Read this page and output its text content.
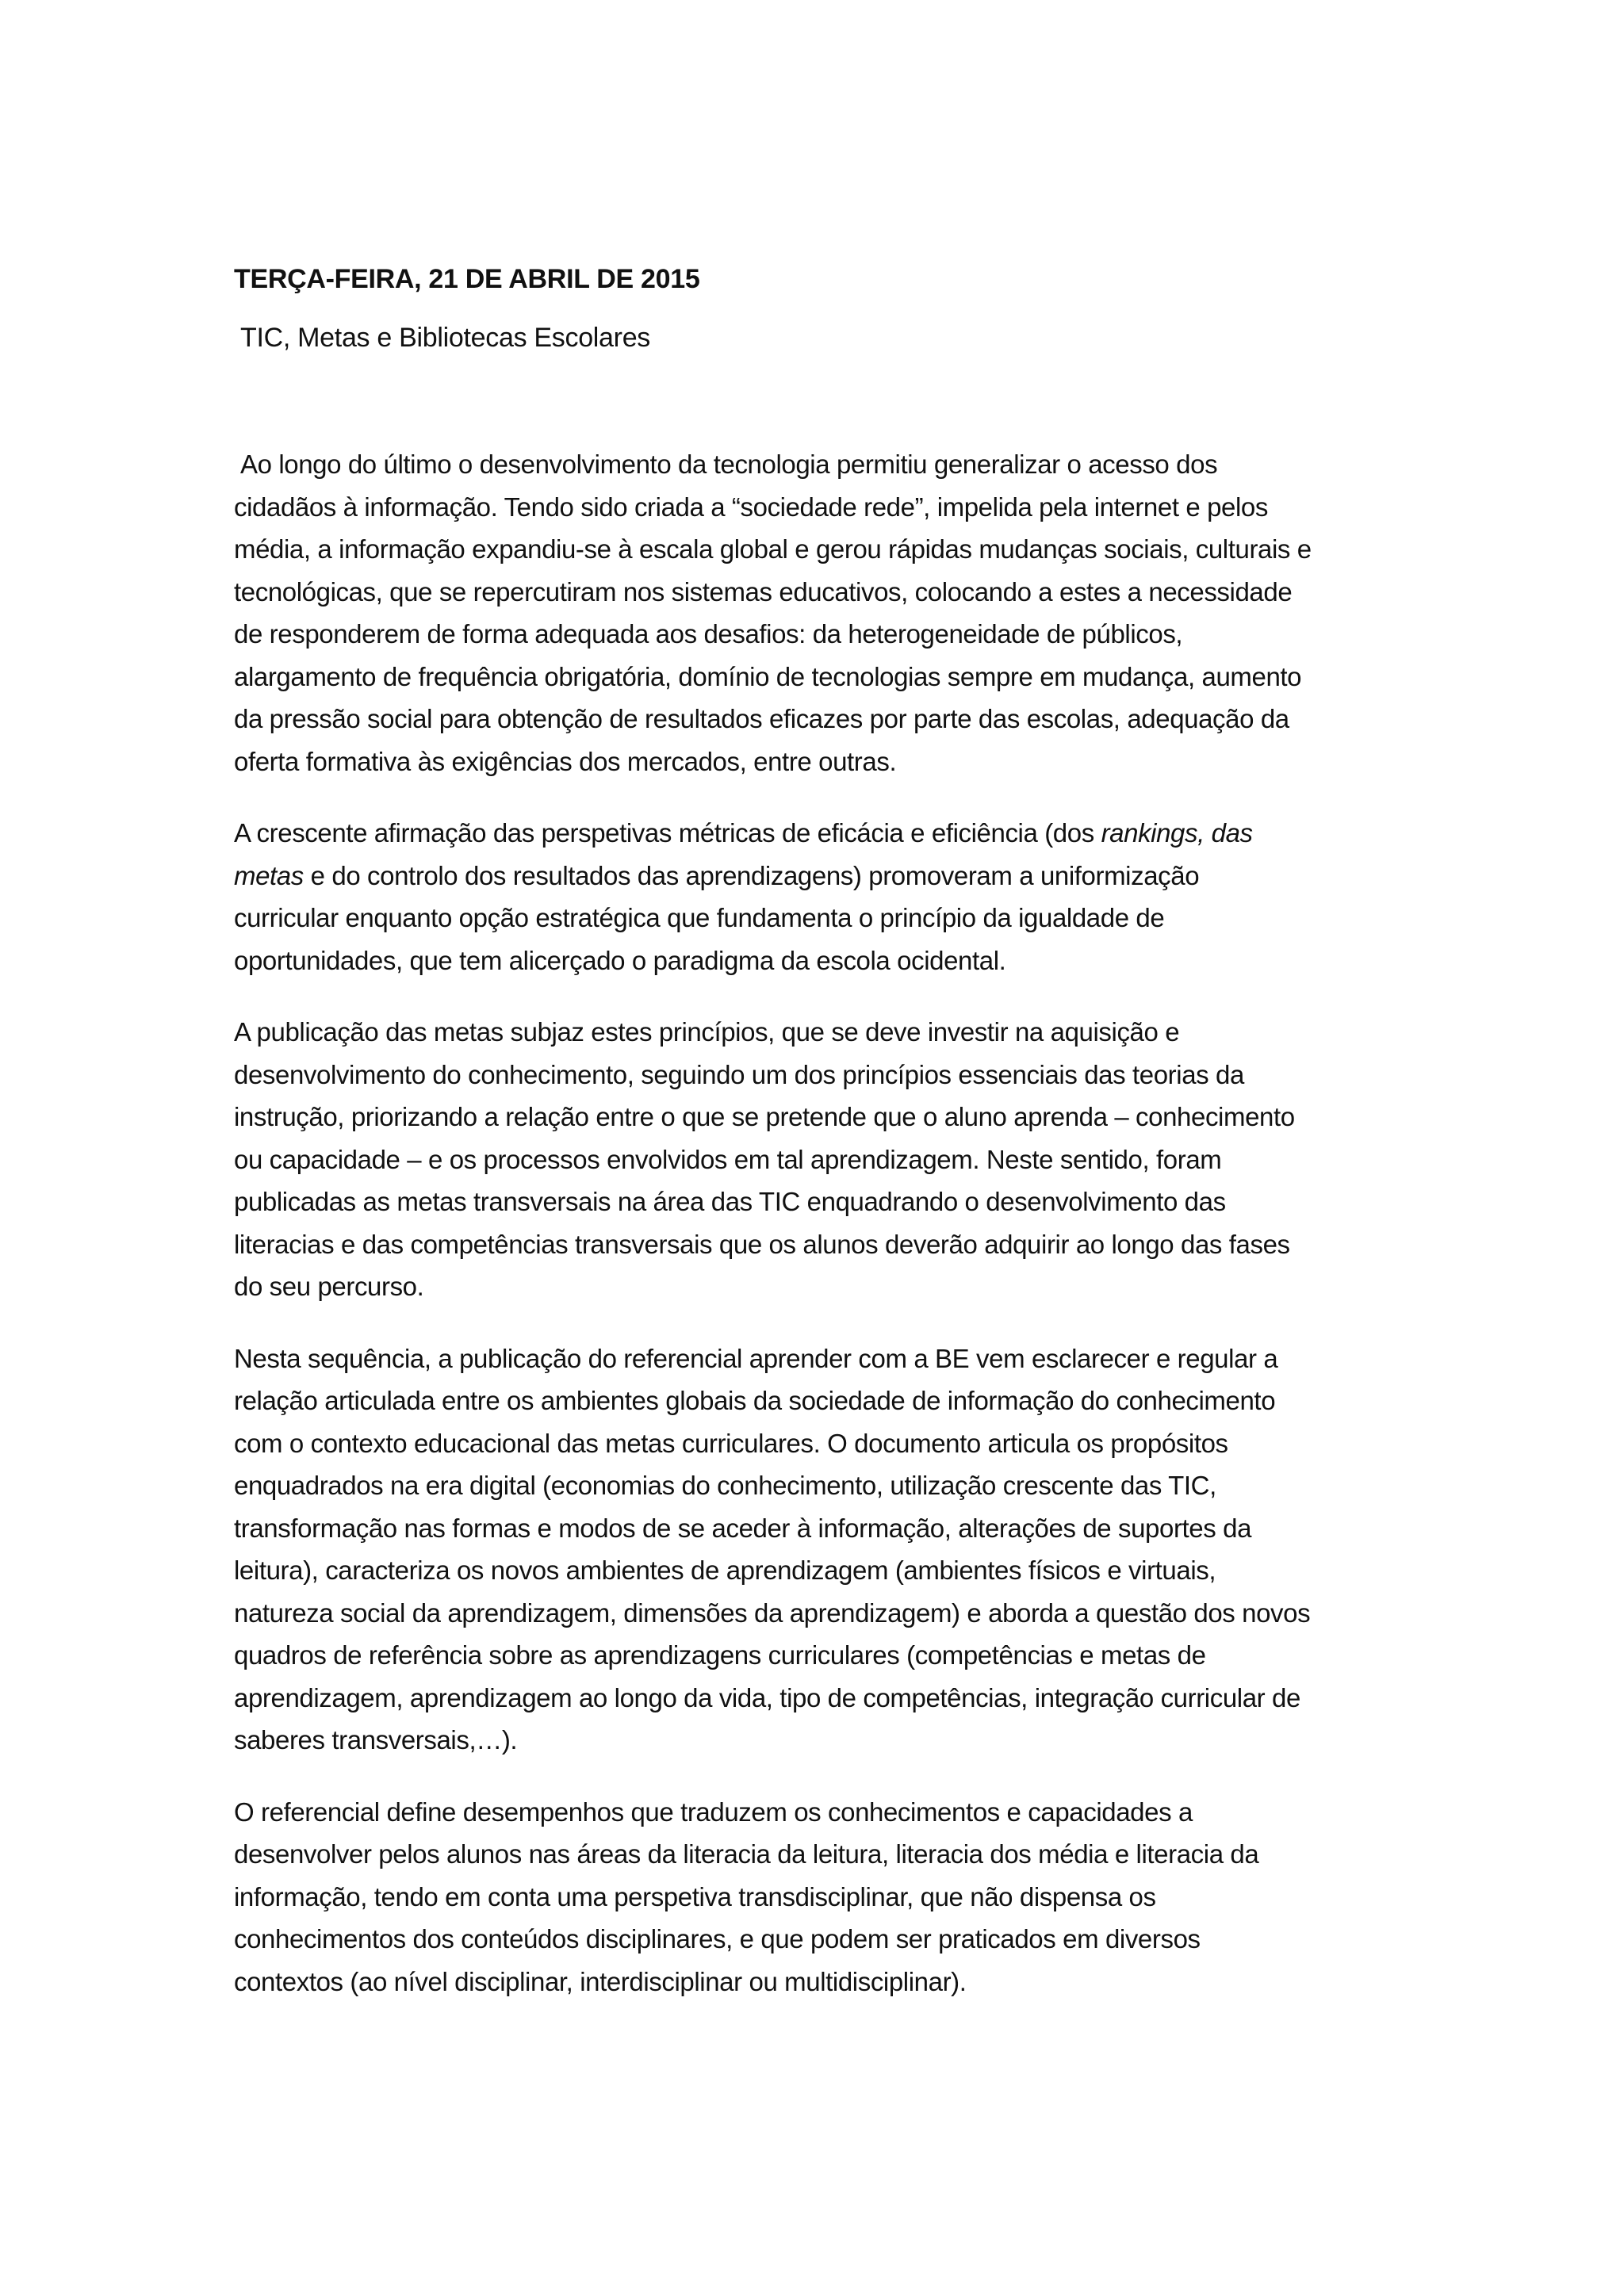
TERÇA-FEIRA, 21 DE ABRIL DE 2015
TIC, Metas e Bibliotecas Escolares
Ao longo do último o desenvolvimento da tecnologia permitiu generalizar o acesso dos
cidadãos à informação. Tendo sido criada a “sociedade rede”, impelida pela internet e pelos
média, a informação expandiu-se à escala global e gerou rápidas mudanças sociais, culturais e
tecnológicas, que se repercutiram nos sistemas educativos, colocando a estes a necessidade
de responderem de forma adequada aos desafios: da heterogeneidade de públicos,
alargamento de frequência obrigatória, domínio de tecnologias sempre em mudança, aumento
da pressão social para obtenção de resultados eficazes por parte das escolas, adequação da
oferta formativa às exigências dos mercados, entre outras.
A crescente afirmação das perspetivas métricas de eficácia e eficiência (dos rankings, das
metas e do controlo dos resultados das aprendizagens) promoveram a uniformização
curricular enquanto opção estratégica que fundamenta o princípio da igualdade de
oportunidades, que tem alicerçado o paradigma da escola ocidental.
A publicação das metas subjaz estes princípios, que se deve investir na aquisição e
desenvolvimento do conhecimento, seguindo um dos princípios essenciais das teorias da
instrução, priorizando a relação entre o que se pretende que o aluno aprenda – conhecimento
ou capacidade – e os processos envolvidos em tal aprendizagem. Neste sentido, foram
publicadas as metas transversais na área das TIC enquadrando o desenvolvimento das
literacias e das competências transversais que os alunos deverão adquirir ao longo das fases
do seu percurso.
Nesta sequência, a publicação do referencial aprender com a BE vem esclarecer e regular a
relação articulada entre os ambientes globais da sociedade de informação do conhecimento
com o contexto educacional das metas curriculares. O documento articula os propósitos
enquadrados na era digital (economias do conhecimento, utilização crescente das TIC,
transformação nas formas e modos de se aceder à informação, alterações de suportes da
leitura), caracteriza os novos ambientes de aprendizagem (ambientes físicos e virtuais,
natureza social da aprendizagem, dimensões da aprendizagem) e aborda a questão dos novos
quadros de referência sobre as aprendizagens curriculares (competências e metas de
aprendizagem, aprendizagem ao longo da vida, tipo de competências, integração curricular de
saberes transversais,…).
O referencial define desempenhos que traduzem os conhecimentos e capacidades a
desenvolver pelos alunos nas áreas da literacia da leitura, literacia dos média e literacia da
informação, tendo em conta uma perspetiva transdisciplinar, que não dispensa os
conhecimentos dos conteúdos disciplinares, e que podem ser praticados em diversos
contextos (ao nível disciplinar, interdisciplinar ou multidisciplinar).
